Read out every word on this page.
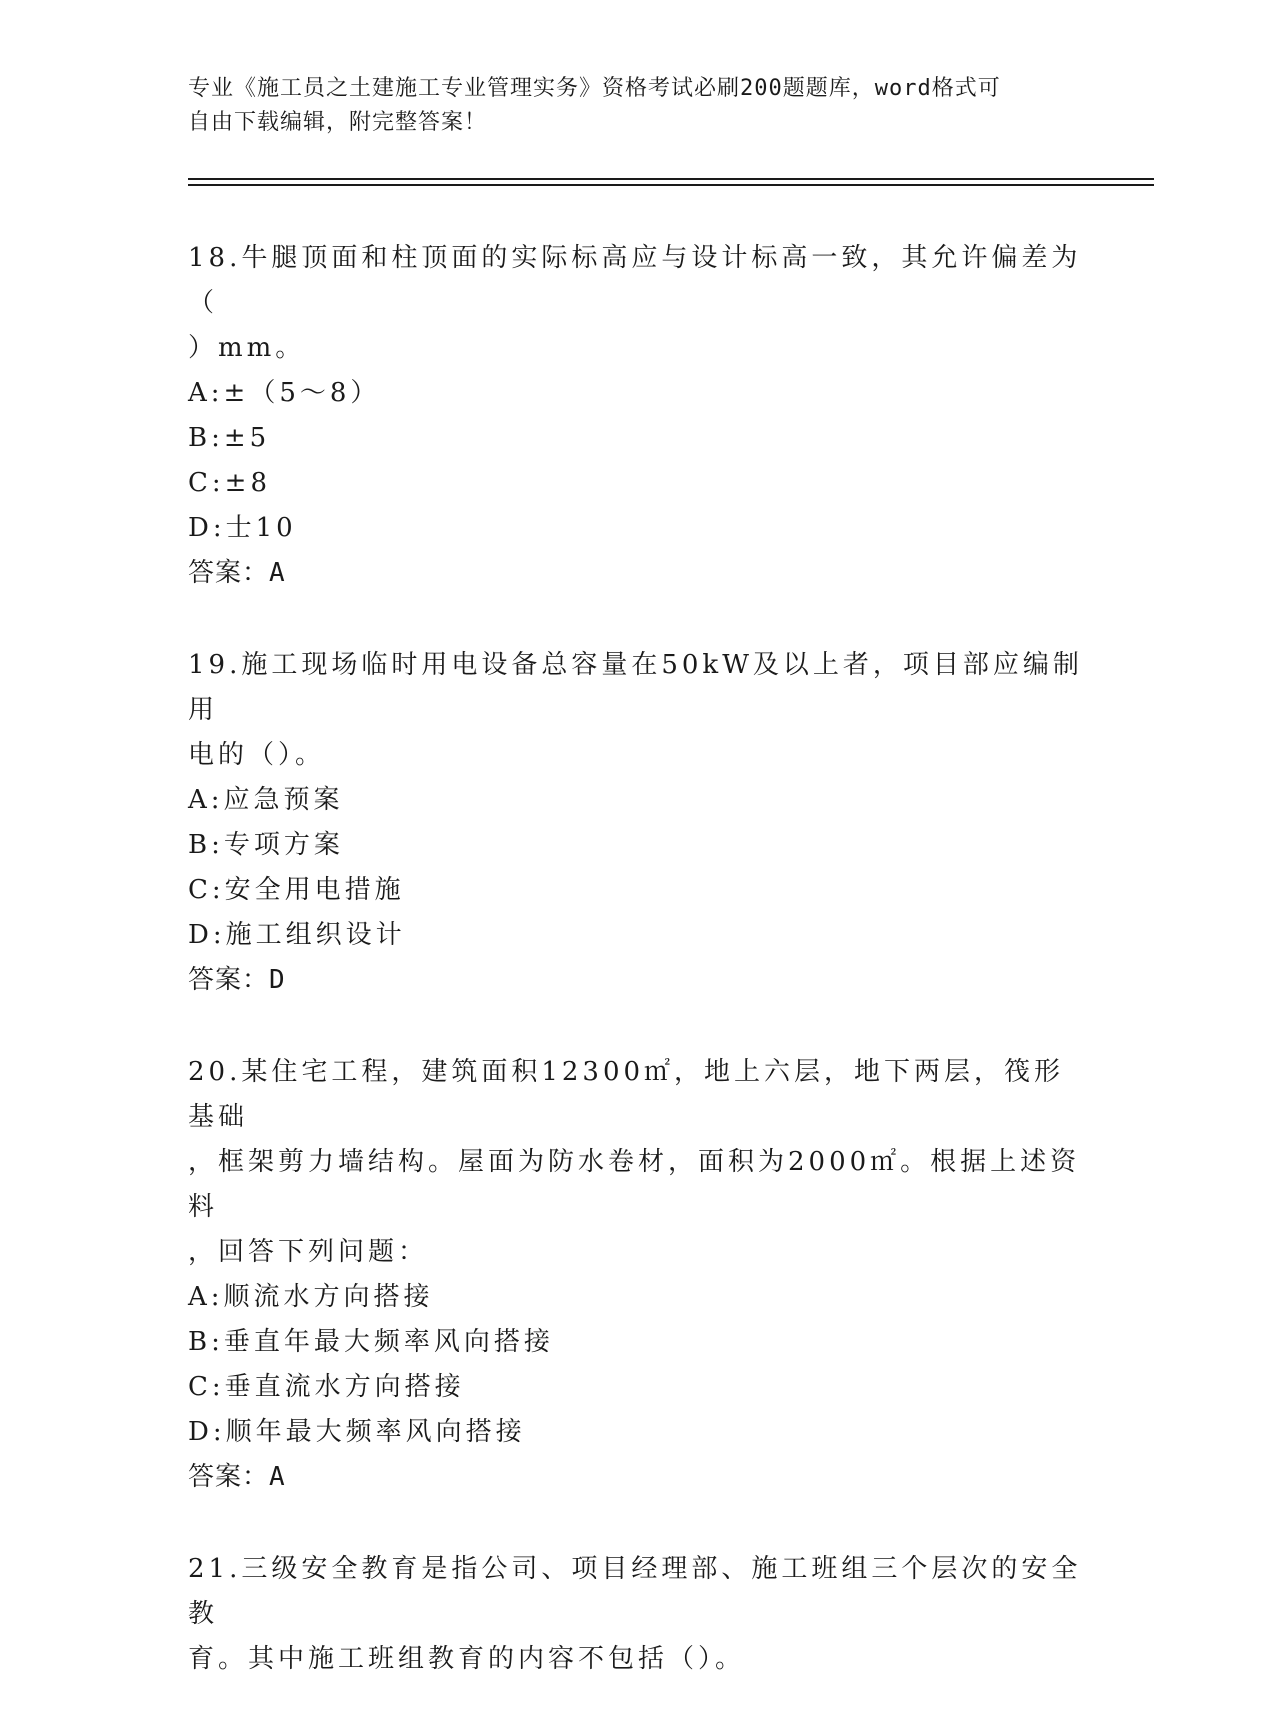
专业《施工员之土建施工专业管理实务》资格考试必刷200题题库，word格式可
自由下载编辑，附完整答案！

18.牛腿顶面和柱顶面的实际标高应与设计标高一致，其允许偏差为（

）mm。

A:±（5～8）

B:±5

C:±8

D:士10

答案：A

19.施工现场临时用电设备总容量在50kW及以上者，项目部应编制用

电的（）。

A:应急预案

B:专项方案

C:安全用电措施

D:施工组织设计

答案：D

20.某住宅工程，建筑面积12300㎡，地上六层，地下两层，筏形基础

，框架剪力墙结构。屋面为防水卷材，面积为2000㎡。根据上述资料

，回答下列问题：

A:顺流水方向搭接

B:垂直年最大频率风向搭接

C:垂直流水方向搭接

D:顺年最大频率风向搭接

答案：A

21.三级安全教育是指公司、项目经理部、施工班组三个层次的安全教

育。其中施工班组教育的内容不包括（）。
